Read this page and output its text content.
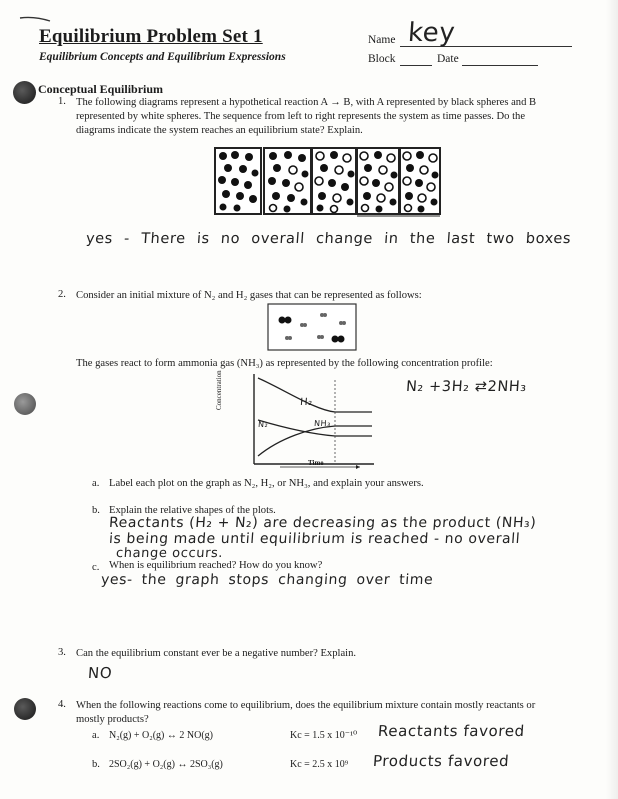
Equilibrium Problem Set 1
Equilibrium Concepts and Equilibrium Expressions
Name key
Block	Date
Conceptual Equilibrium
1. The following diagrams represent a hypothetical reaction A → B, with A represented by black spheres and B
represented by white spheres. The sequence from left to right represents the system as time passes. Do the
diagrams indicate the system reaches an equilibrium state? Explain.
yes - There is no overall change in the last two boxes
2. Consider an initial mixture of N₂ and H₂ gases that can be represented as follows:
The gases react to form ammonia gas (NH₃) as represented by the following concentration profile:
Concentration
Time
H₂
N₂	NH₃
N₂ +3H₂ ⇄2NH₃
a. Label each plot on the graph as N₂, H₂, or NH₃, and explain your answers.
b. Explain the relative shapes of the plots.
Reactants (H₂ + N₂) are decreasing as the product (NH₃)
is being made until equilibrium is reached - no overall
change occurs.
c. When is equilibrium reached? How do you know?
yes- the graph stops changing over time
3. Can the equilibrium constant ever be a negative number? Explain.
NO
4. When the following reactions come to equilibrium, does the equilibrium mixture contain mostly reactants or
mostly products?
a. N₂(g) + O₂(g) ↔ 2 NO(g)	Kc = 1.5 x 10⁻¹⁰ Reactants favored
b. 2SO₂(g) + O₂(g) ↔ 2SO₃(g)	Kc = 2.5 x 10⁹ Products favored
